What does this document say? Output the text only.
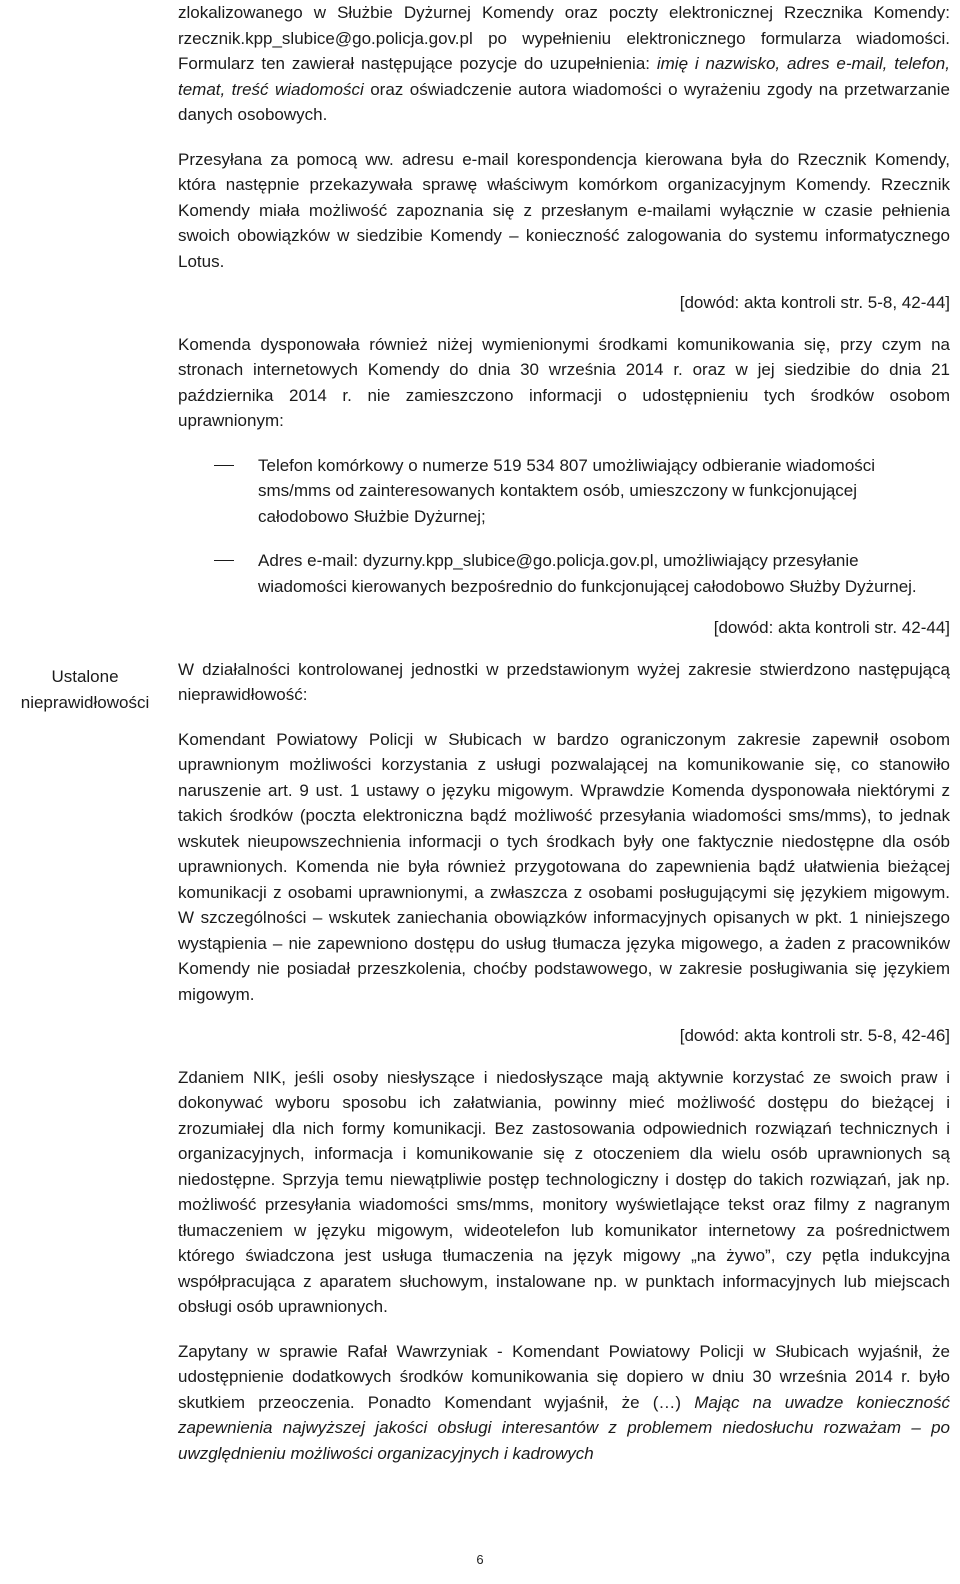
zlokalizowanego w Służbie Dyżurnej Komendy oraz poczty elektronicznej Rzecznika Komendy: rzecznik.kpp_slubice@go.policja.gov.pl po wypełnieniu elektronicznego formularza wiadomości. Formularz ten zawierał następujące pozycje do uzupełnienia: imię i nazwisko, adres e-mail, telefon, temat, treść wiadomości oraz oświadczenie autora wiadomości o wyrażeniu zgody na przetwarzanie danych osobowych.

Przesyłana za pomocą ww. adresu e-mail korespondencja kierowana była do Rzecznik Komendy, która następnie przekazywała sprawę właściwym komórkom organizacyjnym Komendy. Rzecznik Komendy miała możliwość zapoznania się z przesłanym e-mailami wyłącznie w czasie pełnienia swoich obowiązków w siedzibie Komendy – konieczność zalogowania do systemu informatycznego Lotus.

[dowód: akta kontroli str. 5-8, 42-44]

Komenda dysponowała również niżej wymienionymi środkami komunikowania się, przy czym na stronach internetowych Komendy do dnia 30 września 2014 r. oraz w jej siedzibie do dnia 21 października 2014 r. nie zamieszczono informacji o udostępnieniu tych środków osobom uprawnionym:

Telefon komórkowy o numerze 519 534 807 umożliwiający odbieranie wiadomości sms/mms od zainteresowanych kontaktem osób, umieszczony w funkcjonującej całodobowo Służbie Dyżurnej;

Adres e-mail: dyzurny.kpp_slubice@go.policja.gov.pl, umożliwiający przesyłanie wiadomości kierowanych bezpośrednio do funkcjonującej całodobowo Służby Dyżurnej.

[dowód: akta kontroli str. 42-44]

W działalności kontrolowanej jednostki w przedstawionym wyżej zakresie stwierdzono następującą nieprawidłowość:

Komendant Powiatowy Policji w Słubicach w bardzo ograniczonym zakresie zapewnił osobom uprawnionym możliwości korzystania z usługi pozwalającej na komunikowanie się, co stanowiło naruszenie art. 9 ust. 1 ustawy o języku migowym. Wprawdzie Komenda dysponowała niektórymi z takich środków (poczta elektroniczna bądź możliwość przesyłania wiadomości sms/mms), to jednak wskutek nieupowszechnienia informacji o tych środkach były one faktycznie niedostępne dla osób uprawnionych. Komenda nie była również przygotowana do zapewnienia bądź ułatwienia bieżącej komunikacji z osobami uprawnionymi, a zwłaszcza z osobami posługującymi się językiem migowym. W szczególności – wskutek zaniechania obowiązków informacyjnych opisanych w pkt. 1 niniejszego wystąpienia – nie zapewniono dostępu do usług tłumacza języka migowego, a żaden z pracowników Komendy nie posiadał przeszkolenia, choćby podstawowego, w zakresie posługiwania się językiem migowym.

[dowód: akta kontroli str. 5-8, 42-46]

Zdaniem NIK, jeśli osoby niesłyszące i niedosłyszące mają aktywnie korzystać ze swoich praw i dokonywać wyboru sposobu ich załatwiania, powinny mieć możliwość dostępu do bieżącej i zrozumiałej dla nich formy komunikacji. Bez zastosowania odpowiednich rozwiązań technicznych i organizacyjnych, informacja i komunikowanie się z otoczeniem dla wielu osób uprawnionych są niedostępne. Sprzyja temu niewątpliwie postęp technologiczny i dostęp do takich rozwiązań, jak np. możliwość przesyłania wiadomości sms/mms, monitory wyświetlające tekst oraz filmy z nagranym tłumaczeniem w języku migowym, wideotelefon lub komunikator internetowy za pośrednictwem którego świadczona jest usługa tłumaczenia na język migowy „na żywo”, czy pętla indukcyjna współpracująca z aparatem słuchowym, instalowane np. w punktach informacyjnych lub miejscach obsługi osób uprawnionych.

Zapytany w sprawie Rafał Wawrzyniak - Komendant Powiatowy Policji w Słubicach wyjaśnił, że udostępnienie dodatkowych środków komunikowania się dopiero w dniu 30 września 2014 r. było skutkiem przeoczenia. Ponadto Komendant wyjaśnił, że (…) Mając na uwadze konieczność zapewnienia najwyższej jakości obsługi interesantów z problemem niedosłuchu rozważam – po uwzględnieniu możliwości organizacyjnych i kadrowych

Ustalone
nieprawidłowości
6
